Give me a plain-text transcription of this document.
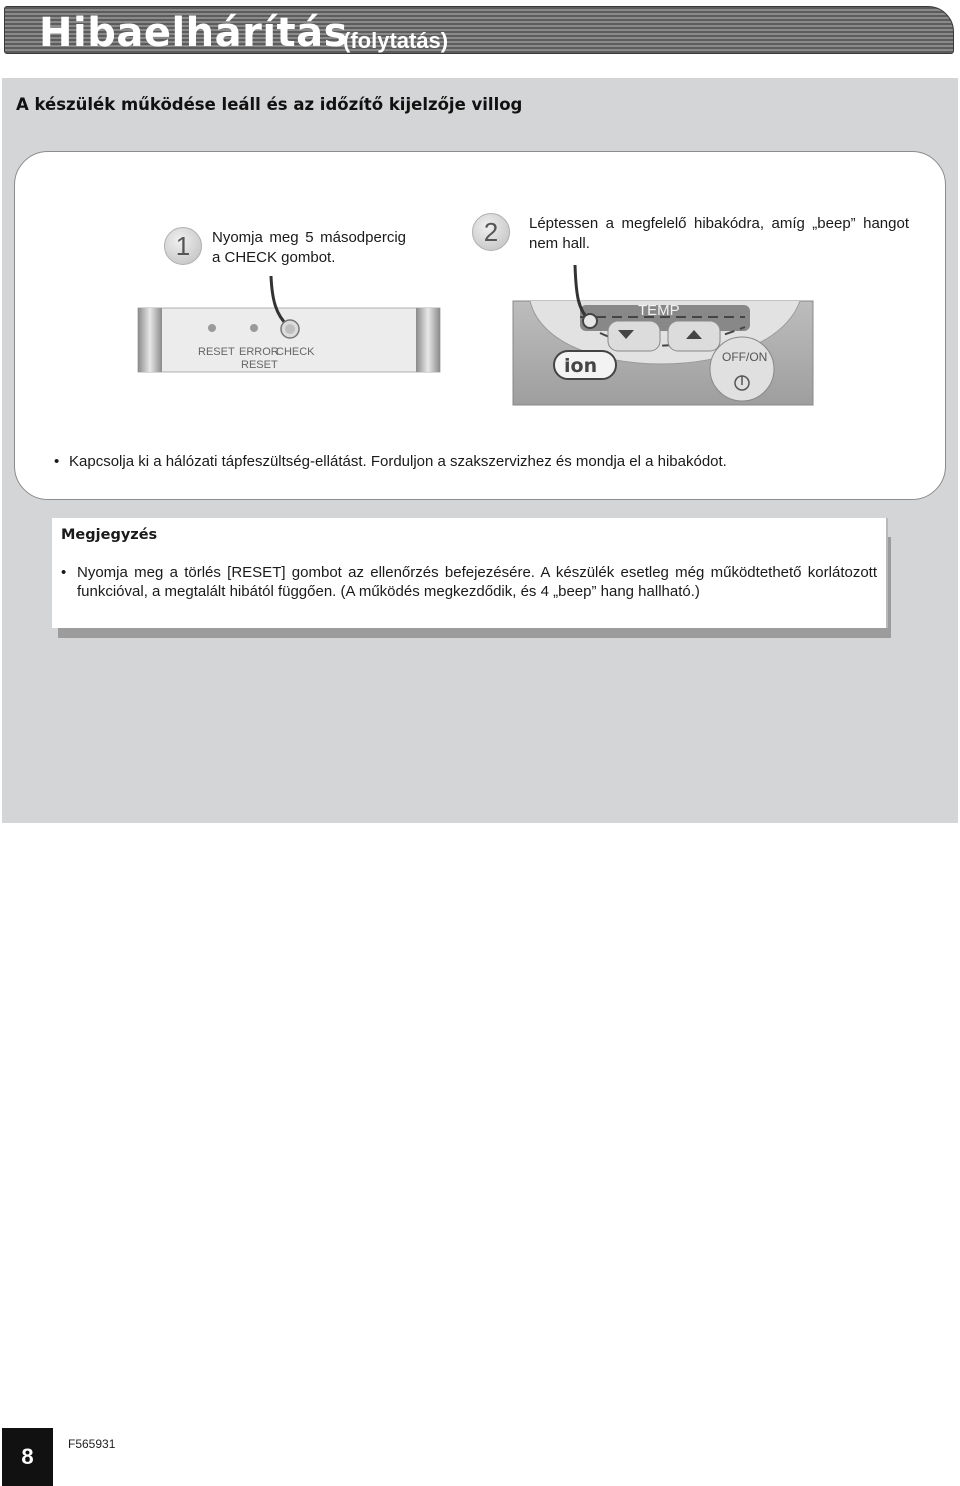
Hibaelhárítás
(folytatás)
A készülék működése leáll és az időzítő kijelzője villog
1	Nyomja meg 5 másodpercig a CHECK gombot.
2	Léptessen a megfelelő hibakódra, amíg „beep” hangot nem hall.
RESET ERROR
RESET
CHECK
TEMP
ion	OFF/ON
• Kapcsolja ki a hálózati tápfeszültség-ellátást. Forduljon a szakszervizhez és mondja el a hibakódot.
Megjegyzés
• Nyomja meg a törlés [RESET] gombot az ellenőrzés befejezésére. A készülék esetleg még működtethető korlátozott funkcióval, a megtalált hibától függően. (A működés megkezdődik, és 4 „beep” hang hallható.)
8	F565931
